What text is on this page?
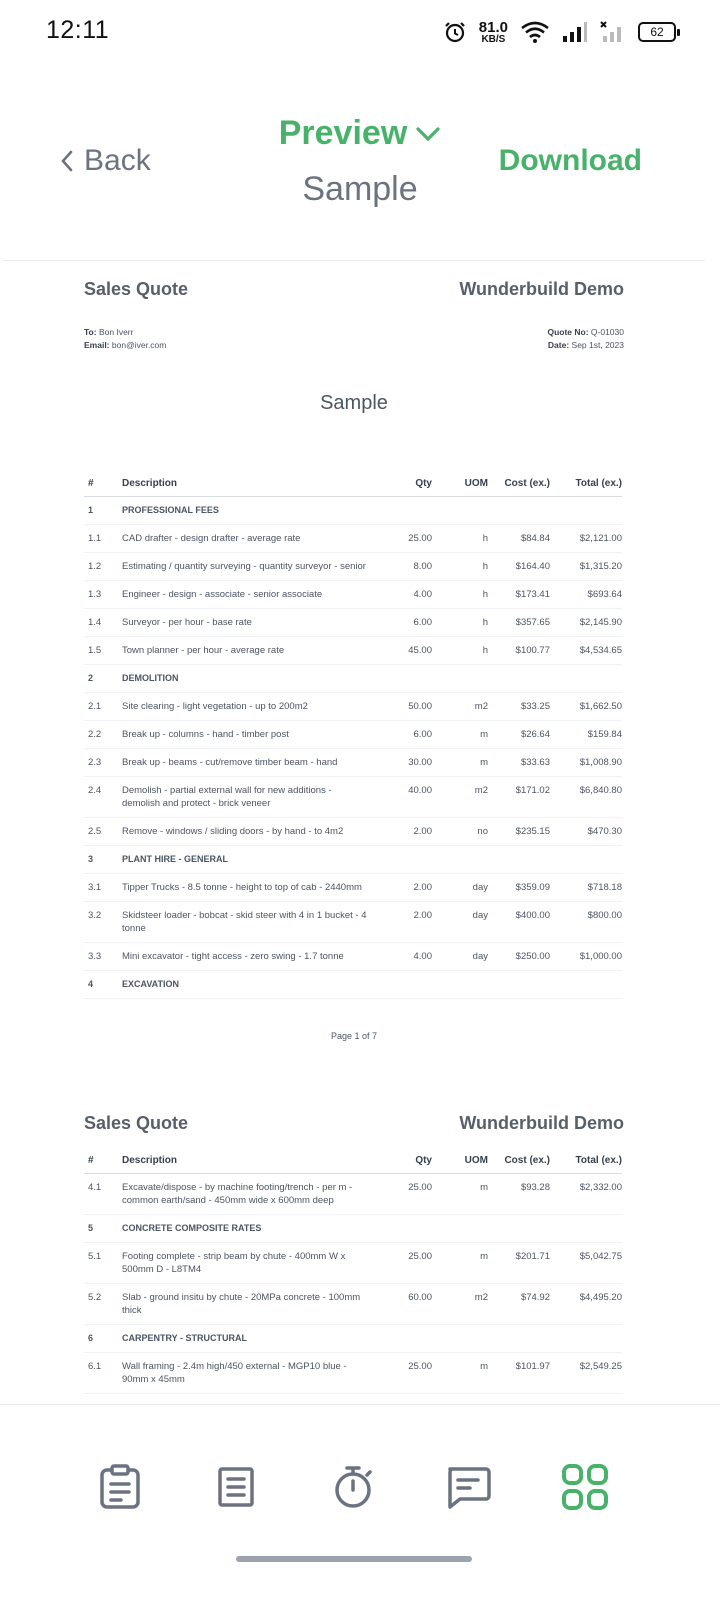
12:11	81.0
KB/S	62
Back
Preview
Sample
Download
Sales Quote	Wunderbuild Demo
To: Bon Iverr
Email: bon@iver.com
Quote No: Q-01030
Date: Sep 1st, 2023
Sample
#	Description	Qty	UOM	Cost (ex.)	Total (ex.)
1	PROFESSIONAL FEES				
1.1	CAD drafter - design drafter - average rate	25.00	h	$84.84	$2,121.00
1.2	Estimating / quantity surveying - quantity surveyor - senior	8.00	h	$164.40	$1,315.20
1.3	Engineer - design - associate - senior associate	4.00	h	$173.41	$693.64
1.4	Surveyor - per hour - base rate	6.00	h	$357.65	$2,145.90
1.5	Town planner - per hour - average rate	45.00	h	$100.77	$4,534.65
2	DEMOLITION				
2.1	Site clearing - light vegetation - up to 200m2	50.00	m2	$33.25	$1,662.50
2.2	Break up - columns - hand - timber post	6.00	m	$26.64	$159.84
2.3	Break up - beams - cut/remove timber beam - hand	30.00	m	$33.63	$1,008.90
2.4	Demolish - partial external wall for new additions - demolish and protect - brick veneer	40.00	m2	$171.02	$6,840.80
2.5	Remove - windows / sliding doors - by hand - to 4m2	2.00	no	$235.15	$470.30
3	PLANT HIRE - GENERAL				
3.1	Tipper Trucks - 8.5 tonne - height to top of cab - 2440mm	2.00	day	$359.09	$718.18
3.2	Skidsteer loader - bobcat - skid steer with 4 in 1 bucket - 4 tonne	2.00	day	$400.00	$800.00
3.3	Mini excavator - tight access - zero swing - 1.7 tonne	4.00	day	$250.00	$1,000.00
4	EXCAVATION				
Page 1 of 7
Sales Quote	Wunderbuild Demo
#	Description	Qty	UOM	Cost (ex.)	Total (ex.)
4.1	Excavate/dispose - by machine footing/trench - per m - common earth/sand - 450mm wide x 600mm deep	25.00	m	$93.28	$2,332.00
5	CONCRETE COMPOSITE RATES				
5.1	Footing complete - strip beam by chute - 400mm W x 500mm D - L8TM4	25.00	m	$201.71	$5,042.75
5.2	Slab - ground insitu by chute - 20MPa concrete - 100mm thick	60.00	m2	$74.92	$4,495.20
6	CARPENTRY - STRUCTURAL				
6.1	Wall framing - 2.4m high/450 external - MGP10 blue - 90mm x 45mm	25.00	m	$101.97	$2,549.25
